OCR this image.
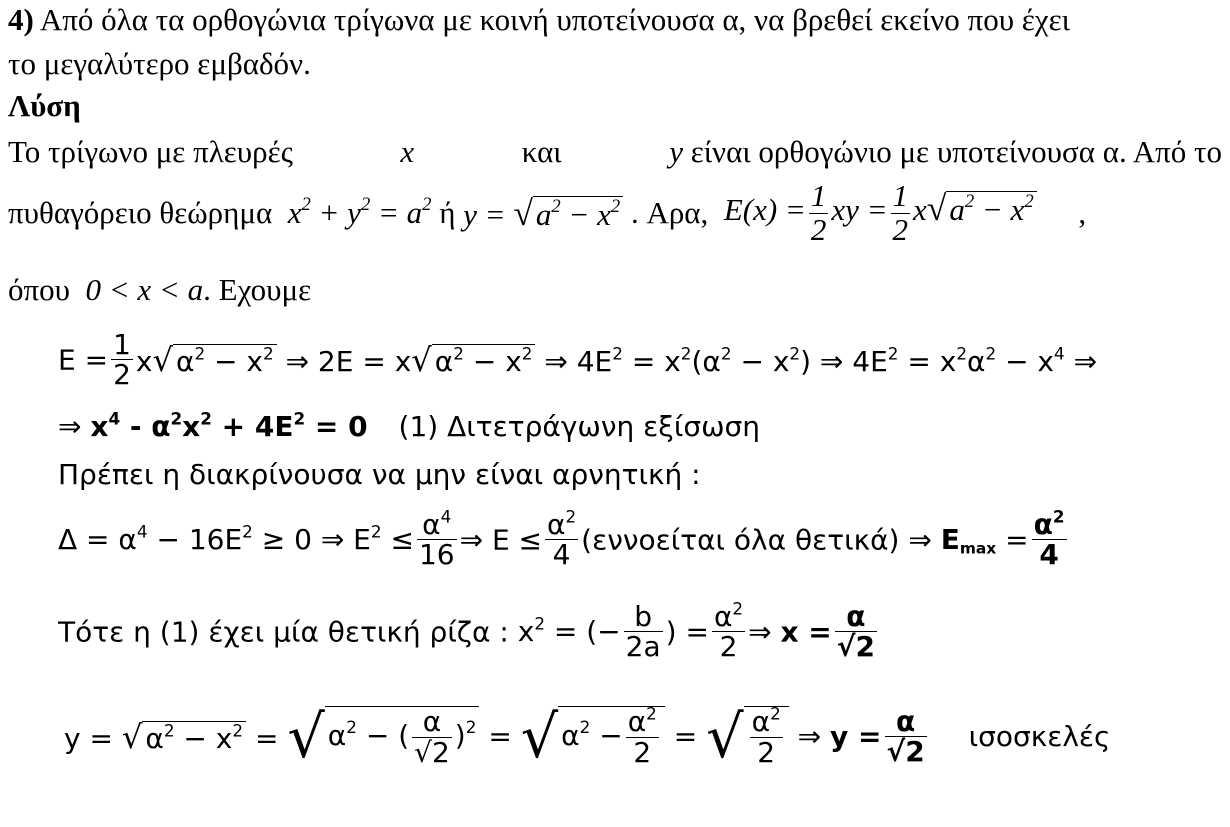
4) Από όλα τα ορθογώνια τρίγωνα με κοινή υποτείνουσα α, να βρεθεί εκείνο που έχει
το μεγαλύτερο εμβαδόν.
Λύση
Το τρίγωνο με πλευρές	x	και	y είναι ορθογώνιο με υποτείνουσα α. Από το
πυθαγόρειο θεώρημα  $x^2 + y^2 = a^2$ ή $y = √a^2 - x^2$ . Αρα,  $E(x) = \frac{1}{2}$ xy = $\frac{1}{2} x√a^2 - x^2$ ,
όπου  0 < x < a. Εχουμε
$E = \frac{1}{2} x√$ $\alpha^2 - x^2$ ⇒ 2E = x√ $\alpha^2 - x^2$ ⇒ $4E^2 = x^2(\alpha^2 - x^2)$ ⇒ $4E^2 = x^2\alpha^2 - x^4$ ⇒
⇒ $x^4 - \alpha^2x^2 + 4E^2 = 0$ (1) Διτετράγωνη εξίσωση
Πρέπει η διακρίνουσα να μην είναι αρνητική :
$\Delta = \alpha^4 - 16E^2 \ge 0$ ⇒ $E^2 \le \frac{\alpha^4}{16}$ ⇒ $E \le \frac{\alpha^2}{4} (\varepsilon\nu\nu o\varepsilon ί\tau\alpha\iota$ όλα θετικά) ⇒ $E_{max} = \frac{\alpha^2}{4}$
Τότε η (1) έχει μία θετική ρίζα : $x^2$ = (− $\frac{b}{2a}$ ) = $\frac{\alpha^2}{2}$ ⇒ $x = \frac{\alpha}{√2}$
y = √ $\alpha^2 - x^2$ = √ $\alpha^2$ − ( $\frac{\alpha}{√2} )^2$ = √ $\alpha^2 - \frac{\alpha^2}{2}$ = √ $\frac{\alpha^2}{2}$ ⇒ $y = \frac{\alpha}{√2}$ ισοσκελές
